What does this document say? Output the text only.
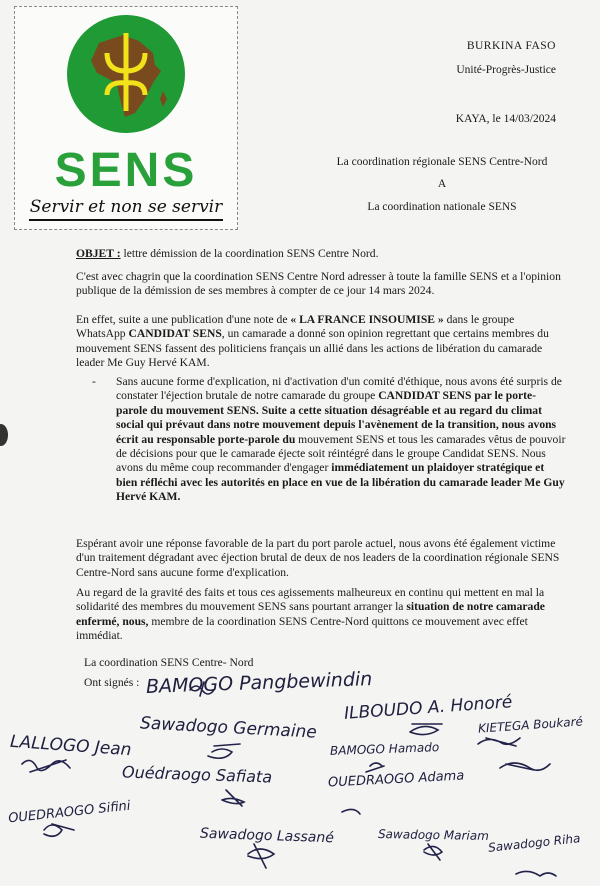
SENS
Servir et non se servir
BURKINA FASO
Unité-Progrès-Justice
KAYA, le 14/03/2024
La coordination régionale SENS Centre-Nord
A
La coordination nationale SENS
OBJET : lettre démission de la coordination SENS Centre Nord.
C'est avec chagrin que la coordination SENS Centre Nord adresser à toute la famille SENS et a l'opinion publique de la démission de ses membres à compter de ce jour 14 mars 2024.
En effet, suite a une publication d'une note de « LA FRANCE INSOUMISE » dans le groupe WhatsApp CANDIDAT SENS, un camarade a donné son opinion regrettant que certains membres du mouvement SENS fassent des politiciens français un allié dans les actions de libération du camarade leader Me Guy Hervé KAM.
- Sans aucune forme d'explication, ni d'activation d'un comité d'éthique, nous avons été surpris de constater l'éjection brutale de notre camarade du groupe CANDIDAT SENS par le porte-parole du mouvement SENS. Suite a cette situation désagréable et au regard du climat social qui prévaut dans notre mouvement depuis l'avènement de la transition, nous avons écrit au responsable porte-parole du mouvement SENS et tous les camarades vêtus de pouvoir de décisions pour que le camarade éjecte soit réintégré dans le groupe Candidat SENS. Nous avons du même coup recommander d'engager immédiatement un plaidoyer stratégique et bien réfléchi avec les autorités en place en vue de la libération du camarade leader Me Guy Hervé KAM.
Espérant avoir une réponse favorable de la part du port parole actuel, nous avons été également victime d'un traitement dégradant avec éjection brutal de deux de nos leaders de la coordination régionale SENS Centre-Nord sans aucune forme d'explication.
Au regard de la gravité des faits et tous ces agissements malheureux en continu qui mettent en mal la solidarité des membres du mouvement SENS sans pourtant arranger la situation de notre camarade enfermé, nous, membre de la coordination SENS Centre-Nord quittons ce mouvement avec effet immédiat.
La coordination SENS Centre- Nord
Ont signés : BAMOGO Pangbewindin
ILBOUDO A. Honoré
Sawadogo Germaine	KIETEGA Boukaré
LALLOGO Jean	BAMOGO Hamado
Ouédraogo Safiata	OUEDRAOGO Adama
OUEDRAOGO Sifini
Sawadogo Lassané	Sawadogo Mariam
Sawadogo Riha
